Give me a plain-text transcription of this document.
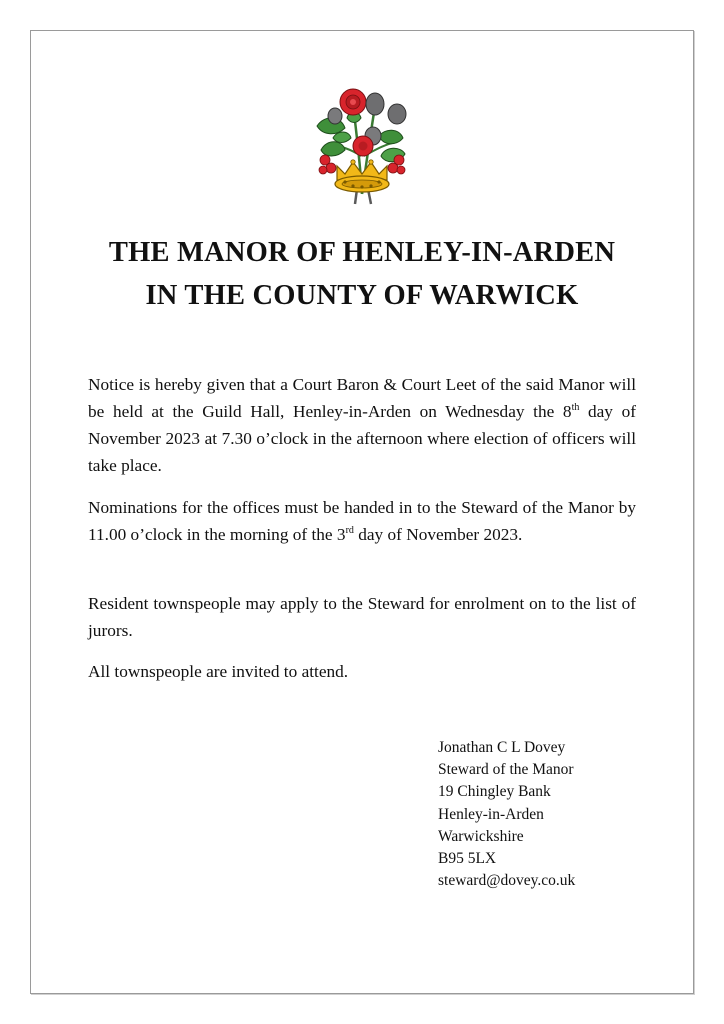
THE MANOR OF HENLEY-IN-ARDEN
IN THE COUNTY OF WARWICK

Notice is hereby given that a Court Baron & Court Leet of the said Manor will be held at the Guild Hall, Henley-in-Arden on Wednesday the 8th day of November 2023 at 7.30 o’clock in the afternoon where election of officers will take place.

Nominations for the offices must be handed in to the Steward of the Manor by 11.00 o’clock in the morning of the 3rd day of November 2023.

Resident townspeople may apply to the Steward for enrolment on to the list of jurors.

All townspeople are invited to attend.

Jonathan C L Dovey
Steward of the Manor
19 Chingley Bank
Henley-in-Arden
Warwickshire
B95 5LX
steward@dovey.co.uk
